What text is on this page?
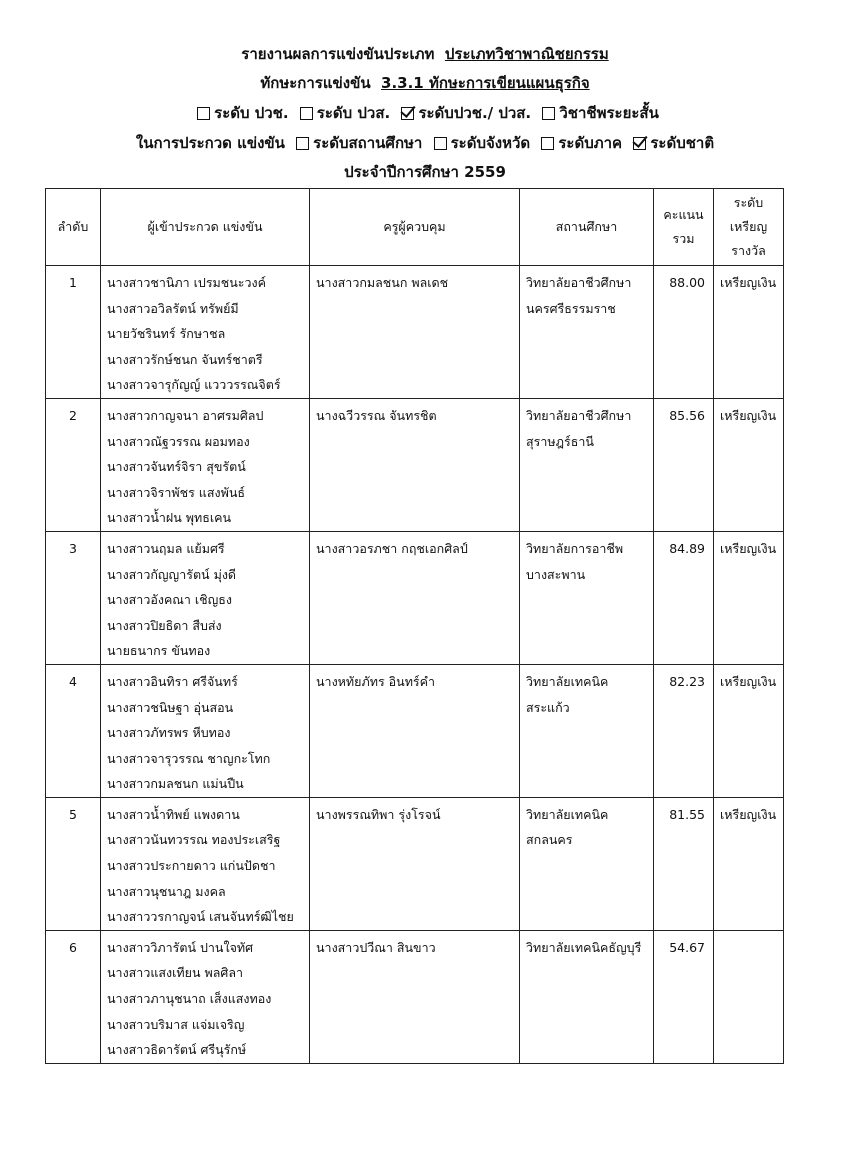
รายงานผลการแข่งขันประเภท ประเภทวิชาพาณิชยกรรม
ทักษะการแข่งขัน 3.3.1 ทักษะการเขียนแผนธุรกิจ
ระดับ ปวช. ระดับ ปวส. ระดับปวช./ ปวส. วิชาชีพระยะสั้น
ในการประกวด แข่งขัน ระดับสถานศึกษา ระดับจังหวัด ระดับภาค ระดับชาติ
ประจำปีการศึกษา 2559
ลำดับ	ผู้เข้าประกวด แข่งขัน	ครูผู้ควบคุม	สถานศึกษา	คะแนน
รวม	ระดับ
เหรียญ
รางวัล
1	นางสาวชานิภา เปรมชนะวงค์
นางสาวอวิลรัตน์ ทรัพย์มี
นายวัชรินทร์ รักษาชล
นางสาวรักษ์ชนก จันทร์ชาตรี
นางสาวจารุกัญญ์ แวววรรณจิตร์	นางสาวกมลชนก พลเดช	วิทยาลัยอาชีวศึกษา
นครศรีธรรมราช	88.00	เหรียญเงิน
2	นางสาวกาญจนา อาศรมศิลป
นางสาวณัฐวรรณ ผอมทอง
นางสาวจันทร์จิรา สุขรัตน์
นางสาวจิราพัชร แสงพันธ์
นางสาวน้ำฝน พุทธเคน	นางฉวีวรรณ จันทรชิต	วิทยาลัยอาชีวศึกษา
สุราษฎร์ธานี	85.56	เหรียญเงิน
3	นางสาวนฤมล แย้มศรี
นางสาวกัญญารัตน์ มุ่งดี
นางสาวอังคณา เชิญธง
นางสาวปิยธิดา สืบส่ง
นายธนากร ขันทอง	นางสาวอรภชา กฤชเอกศิลป์	วิทยาลัยการอาชีพ
บางสะพาน	84.89	เหรียญเงิน
4	นางสาวอินทิรา ศรีจันทร์
นางสาวชนิษฐา อุ่นสอน
นางสาวภัทรพร หีบทอง
นางสาวจารุวรรณ ชาญกะโทก
นางสาวกมลชนก แม่นปืน	นางหทัยภัทร อินทร์คำ	วิทยาลัยเทคนิค
สระแก้ว	82.23	เหรียญเงิน
5	นางสาวน้ำทิพย์ แพงดาน
นางสาวนันทวรรณ ทองประเสริฐ
นางสาวประกายดาว แก่นปัดชา
นางสาวนุชนาฎ มงคล
นางสาววรกาญจน์ เสนจันทร์ฒิไชย	นางพรรณทิพา รุ่งโรจน์	วิทยาลัยเทคนิค
สกลนคร	81.55	เหรียญเงิน
6	นางสาววิภารัตน์ ปานใจทัศ
นางสาวแสงเทียน พลศิลา
นางสาวภานุชนาถ เส็งแสงทอง
นางสาวบริมาส แจ่มเจริญ
นางสาวธิดารัตน์ ศรีนุรักษ์	นางสาวปวีณา สินขาว	วิทยาลัยเทคนิคธัญบุรี	54.67	
